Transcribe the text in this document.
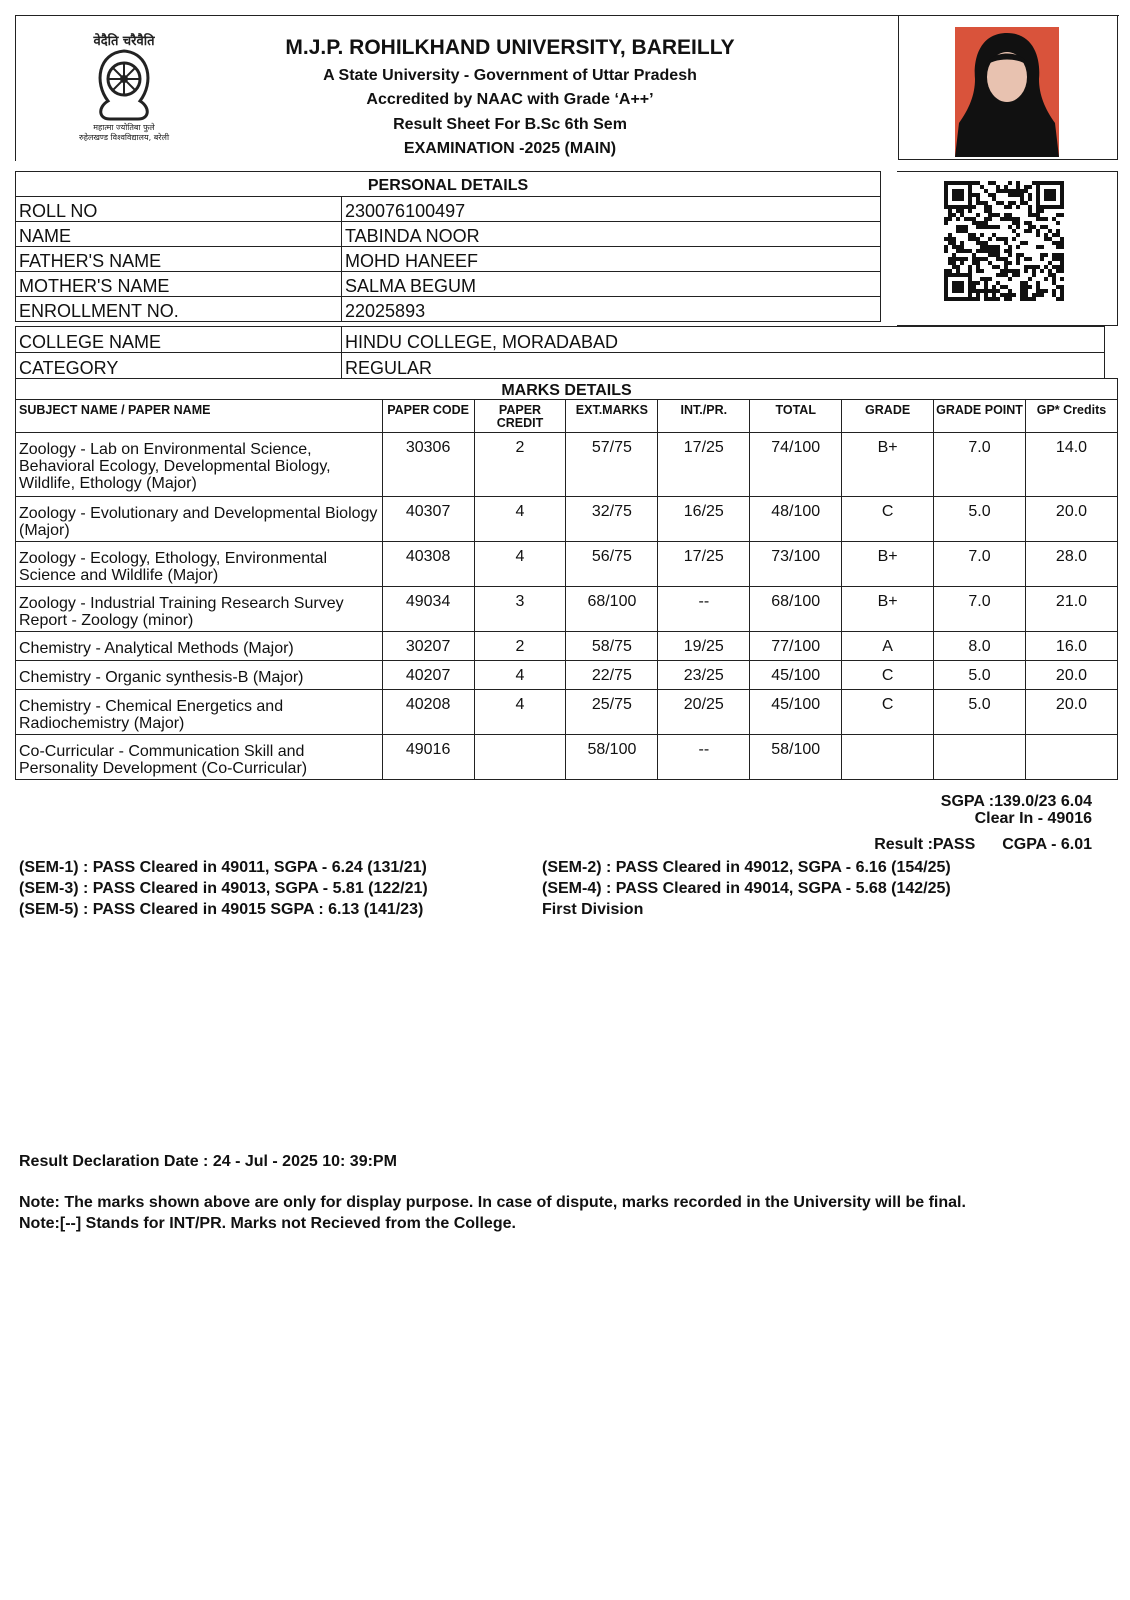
वेदैति चरैवैति
महात्मा ज्योतिबा फुले
रुहेलखण्ड विश्वविद्यालय, बरेली
M.J.P. ROHILKHAND UNIVERSITY, BAREILLY
A State University - Government of Uttar Pradesh
Accredited by NAAC with Grade ‘A++’
Result Sheet For B.Sc 6th Sem
EXAMINATION -2025 (MAIN)
PERSONAL DETAILS	
ROLL NO	230076100497
NAME	TABINDA NOOR
FATHER'S NAME	MOHD HANEEF
MOTHER'S NAME	SALMA BEGUM
ENROLLMENT NO.	22025893
COLLEGE NAME	HINDU COLLEGE, MORADABAD
CATEGORY	REGULAR
MARKS DETAILS
SUBJECT NAME / PAPER NAME	PAPER CODE	PAPER CREDIT	EXT.MARKS	INT./PR.	TOTAL	GRADE	GRADE POINT	GP* Credits
Zoology - Lab on Environmental Science, Behavioral Ecology, Developmental Biology, Wildlife, Ethology (Major)	30306	2	57/75	17/25	74/100	B+	7.0	14.0
Zoology - Evolutionary and Developmental Biology (Major)	40307	4	32/75	16/25	48/100	C	5.0	20.0
Zoology - Ecology, Ethology, Environmental Science and Wildlife (Major)	40308	4	56/75	17/25	73/100	B+	7.0	28.0
Zoology - Industrial Training Research Survey Report - Zoology (minor)	49034	3	68/100	--	68/100	B+	7.0	21.0
Chemistry - Analytical Methods (Major)	30207	2	58/75	19/25	77/100	A	8.0	16.0
Chemistry - Organic synthesis-B (Major)	40207	4	22/75	23/25	45/100	C	5.0	20.0
Chemistry - Chemical Energetics and Radiochemistry (Major)	40208	4	25/75	20/25	45/100	C	5.0	20.0
Co-Curricular - Communication Skill and Personality Development (Co-Curricular)	49016		58/100	--	58/100			
SGPA :139.0/23 6.04
Clear In - 49016
Result :PASS CGPA - 6.01
(SEM-1) : PASS Cleared in 49011, SGPA - 6.24 (131/21)
(SEM-3) : PASS Cleared in 49013, SGPA - 5.81 (122/21)
(SEM-5) : PASS Cleared in 49015 SGPA : 6.13 (141/23)
(SEM-2) : PASS Cleared in 49012, SGPA - 6.16 (154/25)
(SEM-4) : PASS Cleared in 49014, SGPA - 5.68 (142/25)
First Division
Result Declaration Date : 24 - Jul - 2025 10: 39:PM
Note: The marks shown above are only for display purpose. In case of dispute, marks recorded in the University will be final.
Note:[--] Stands for INT/PR. Marks not Recieved from the College.
